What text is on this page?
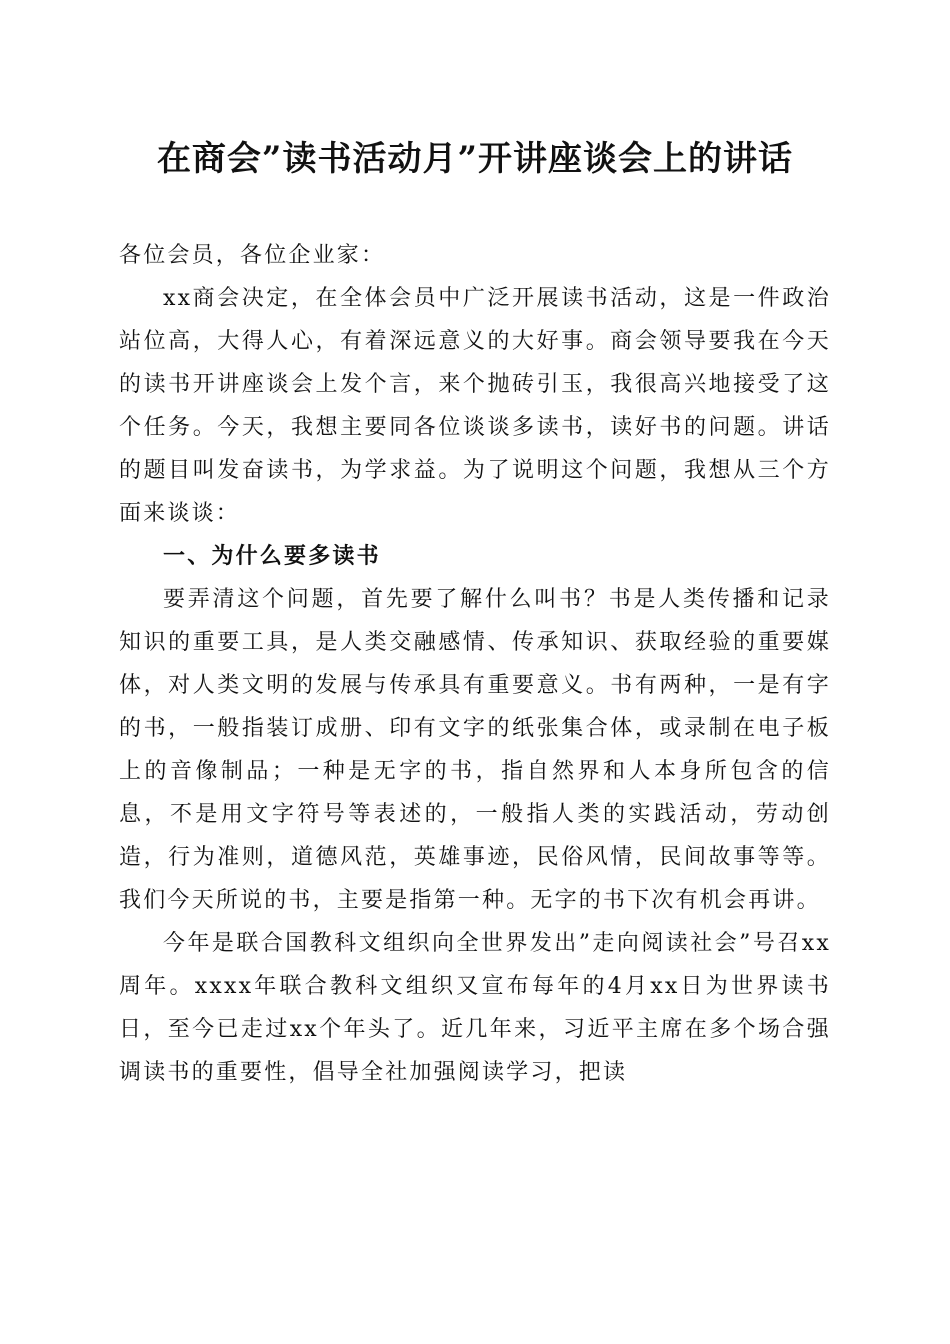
在商会”读书活动月”开讲座谈会上的讲话

各位会员，各位企业家：

xx商会决定，在全体会员中广泛开展读书活动，这是一件政治站位高，大得人心，有着深远意义的大好事。商会领导要我在今天的读书开讲座谈会上发个言，来个抛砖引玉，我很高兴地接受了这个任务。今天，我想主要同各位谈谈多读书，读好书的问题。讲话的题目叫发奋读书，为学求益。为了说明这个问题，我想从三个方面来谈谈：

一、为什么要多读书

要弄清这个问题，首先要了解什么叫书？书是人类传播和记录知识的重要工具，是人类交融感情、传承知识、获取经验的重要媒体，对人类文明的发展与传承具有重要意义。书有两种，一是有字的书，一般指装订成册、印有文字的纸张集合体，或录制在电子板上的音像制品；一种是无字的书，指自然界和人本身所包含的信息，不是用文字符号等表述的，一般指人类的实践活动，劳动创造，行为准则，道德风范，英雄事迹，民俗风情，民间故事等等。我们今天所说的书，主要是指第一种。无字的书下次有机会再讲。

今年是联合国教科文组织向全世界发出”走向阅读社会”号召xx周年。xxxx年联合教科文组织又宣布每年的4月xx日为世界读书日，至今已走过xx个年头了。近几年来，习近平主席在多个场合强调读书的重要性，倡导全社加强阅读学习，把读
